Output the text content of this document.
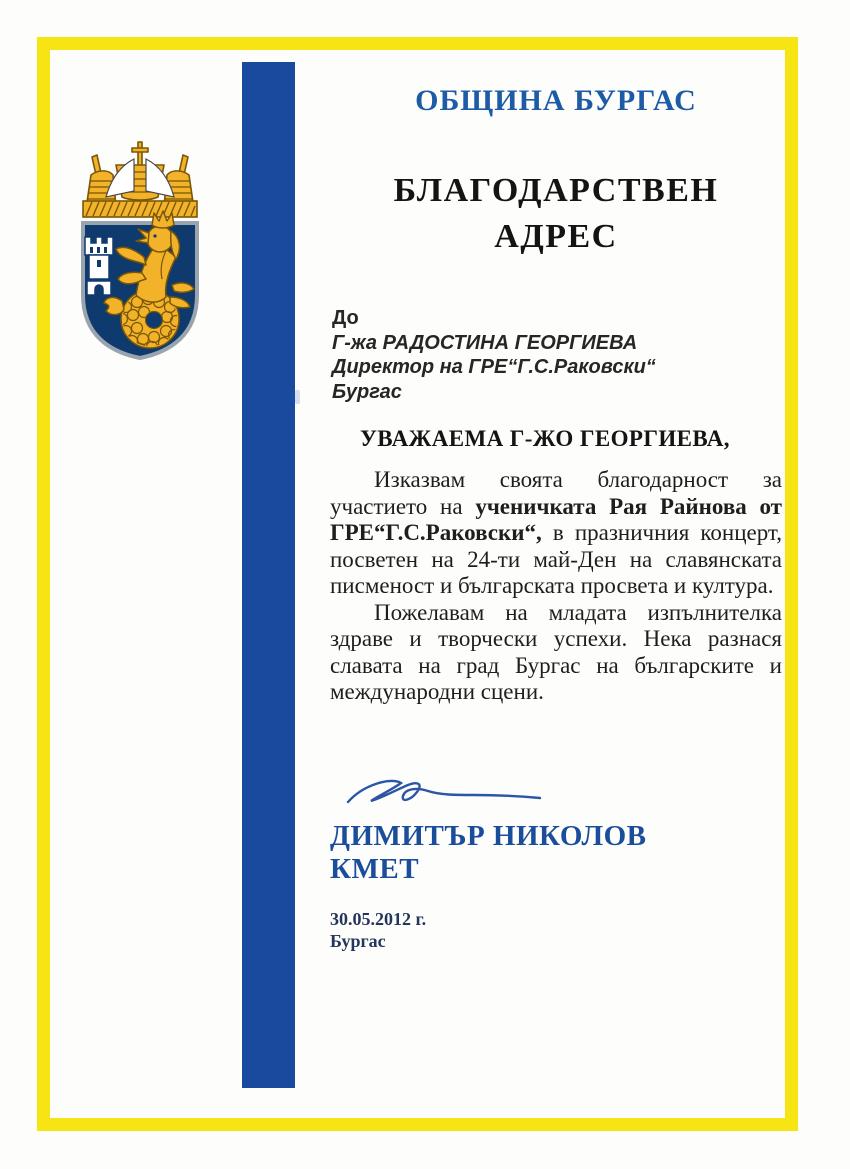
ОБЩИНА БУРГАС
БЛАГОДАРСТВЕН
АДРЕС
До
Г-жа РАДОСТИНА ГЕОРГИЕВА
Директор на ГРЕ“Г.С.Раковски“
Бургас
УВАЖАЕМА Г-ЖО ГЕОРГИЕВА,

Изказвам своята благодарност за участието на ученичката Рая Райнова от ГРЕ“Г.С.Раковски“, в празничния концерт, посветен на 24-ти май-Ден на славянската писменост и българската просвета и култура.

Пожелавам на младата изпълнителка здраве и творчески успехи. Нека разнася славата на град Бургас на българските и международни сцени.

ДИМИТЪР НИКОЛОВ
КМЕТ
30.05.2012 г.
Бургас
